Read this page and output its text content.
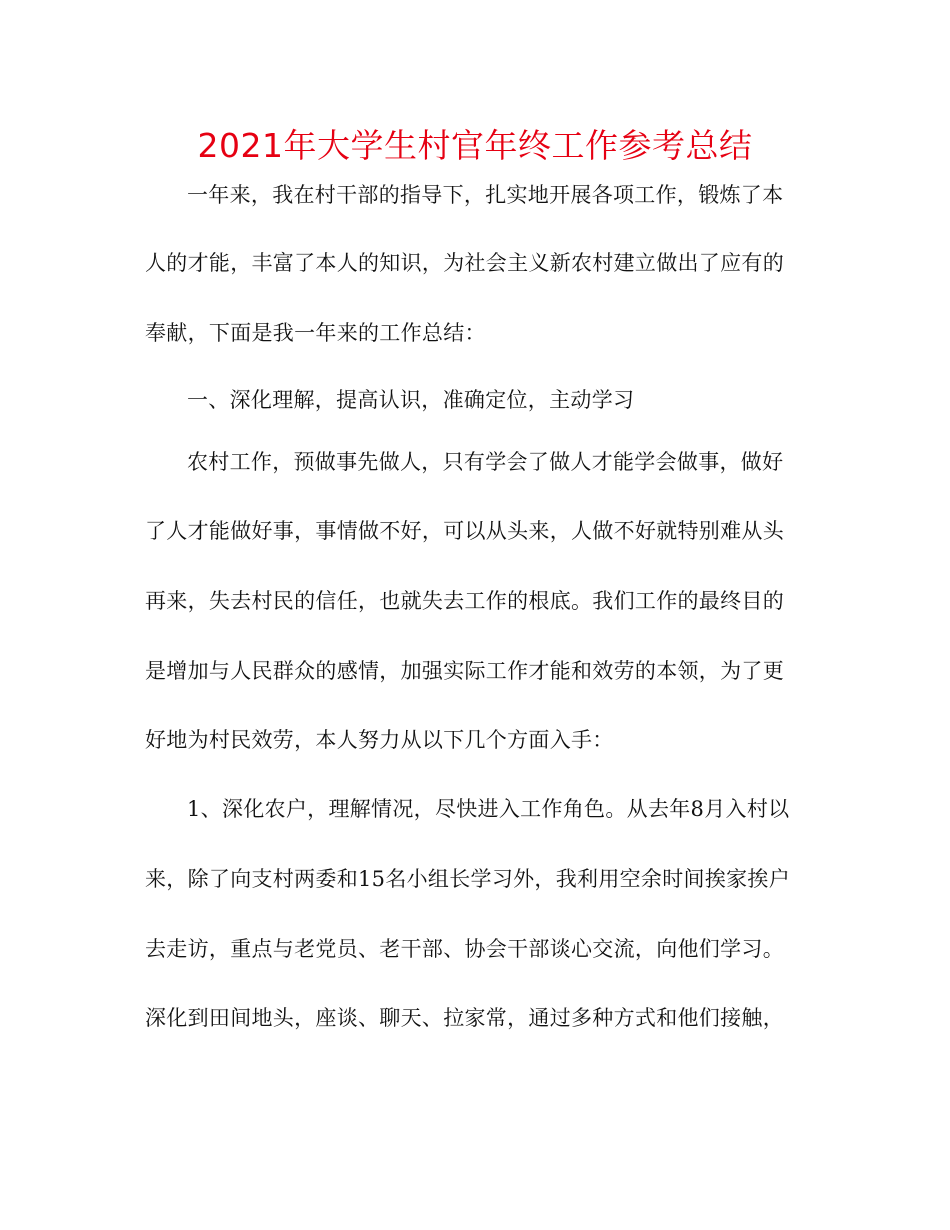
2021年大学生村官年终工作参考总结
一年来，我在村干部的指导下，扎实地开展各项工作，锻炼了本
人的才能，丰富了本人的知识，为社会主义新农村建立做出了应有的
奉献，下面是我一年来的工作总结：
一、深化理解，提高认识，准确定位，主动学习
农村工作，预做事先做人，只有学会了做人才能学会做事，做好
了人才能做好事，事情做不好，可以从头来，人做不好就特别难从头
再来，失去村民的信任，也就失去工作的根底。我们工作的最终目的
是增加与人民群众的感情，加强实际工作才能和效劳的本领，为了更
好地为村民效劳，本人努力从以下几个方面入手：
1、深化农户，理解情况，尽快进入工作角色。从去年8月入村以
来，除了向支村两委和15名小组长学习外，我利用空余时间挨家挨户
去走访，重点与老党员、老干部、协会干部谈心交流，向他们学习。
深化到田间地头，座谈、聊天、拉家常，通过多种方式和他们接触，
